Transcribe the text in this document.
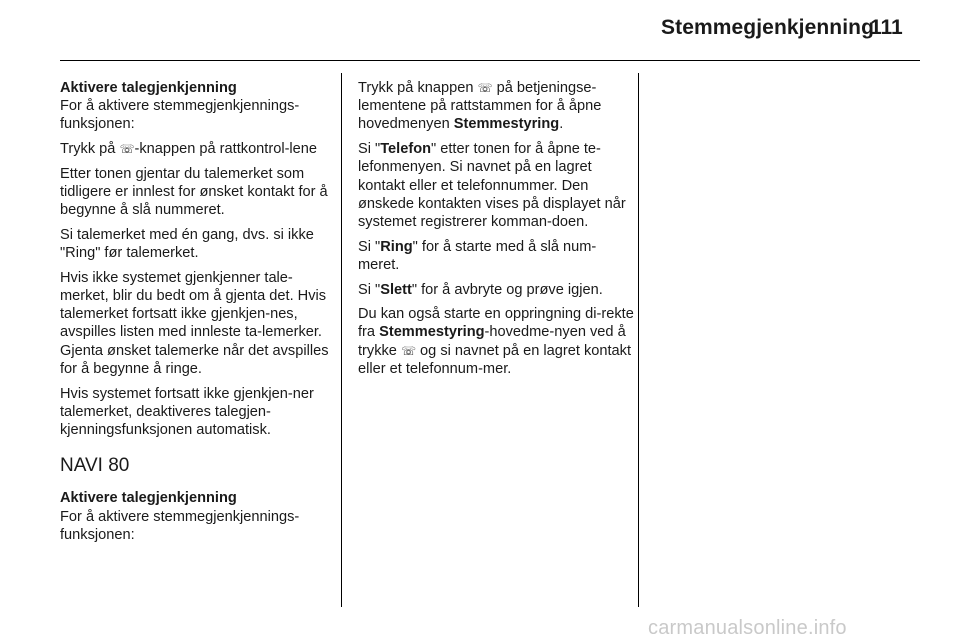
Stemmegjenkjenning
111

Aktivere talegjenkjenning

For å aktivere stemmegjenkjennings-funksjonen:

Trykk på ☏-knappen på rattkontrol-lene

Etter tonen gjentar du talemerket som tidligere er innlest for ønsket kontakt for å begynne å slå nummeret.

Si talemerket med én gang, dvs. si ikke "Ring" før talemerket.

Hvis ikke systemet gjenkjenner tale-merket, blir du bedt om å gjenta det. Hvis talemerket fortsatt ikke gjenkjen-nes, avspilles listen med innleste ta-lemerker. Gjenta ønsket talemerke når det avspilles for å begynne å ringe.

Hvis systemet fortsatt ikke gjenkjen-ner talemerket, deaktiveres talegjen-kjenningsfunksjonen automatisk.

NAVI 80

Aktivere talegjenkjenning

For å aktivere stemmegjenkjennings-funksjonen:

Trykk på knappen ☏ på betjeningse-lementene på rattstammen for å åpne hovedmenyen Stemmestyring.

Si "Telefon" etter tonen for å åpne te-lefonmenyen. Si navnet på en lagret kontakt eller et telefonnummer. Den ønskede kontakten vises på displayet når systemet registrerer komman-doen.

Si "Ring" for å starte med å slå num-meret.

Si "Slett" for å avbryte og prøve igjen.

Du kan også starte en oppringning di-rekte fra Stemmestyring-hovedme-nyen ved å trykke ☏ og si navnet på en lagret kontakt eller et telefonnum-mer.

carmanualsonline.info
